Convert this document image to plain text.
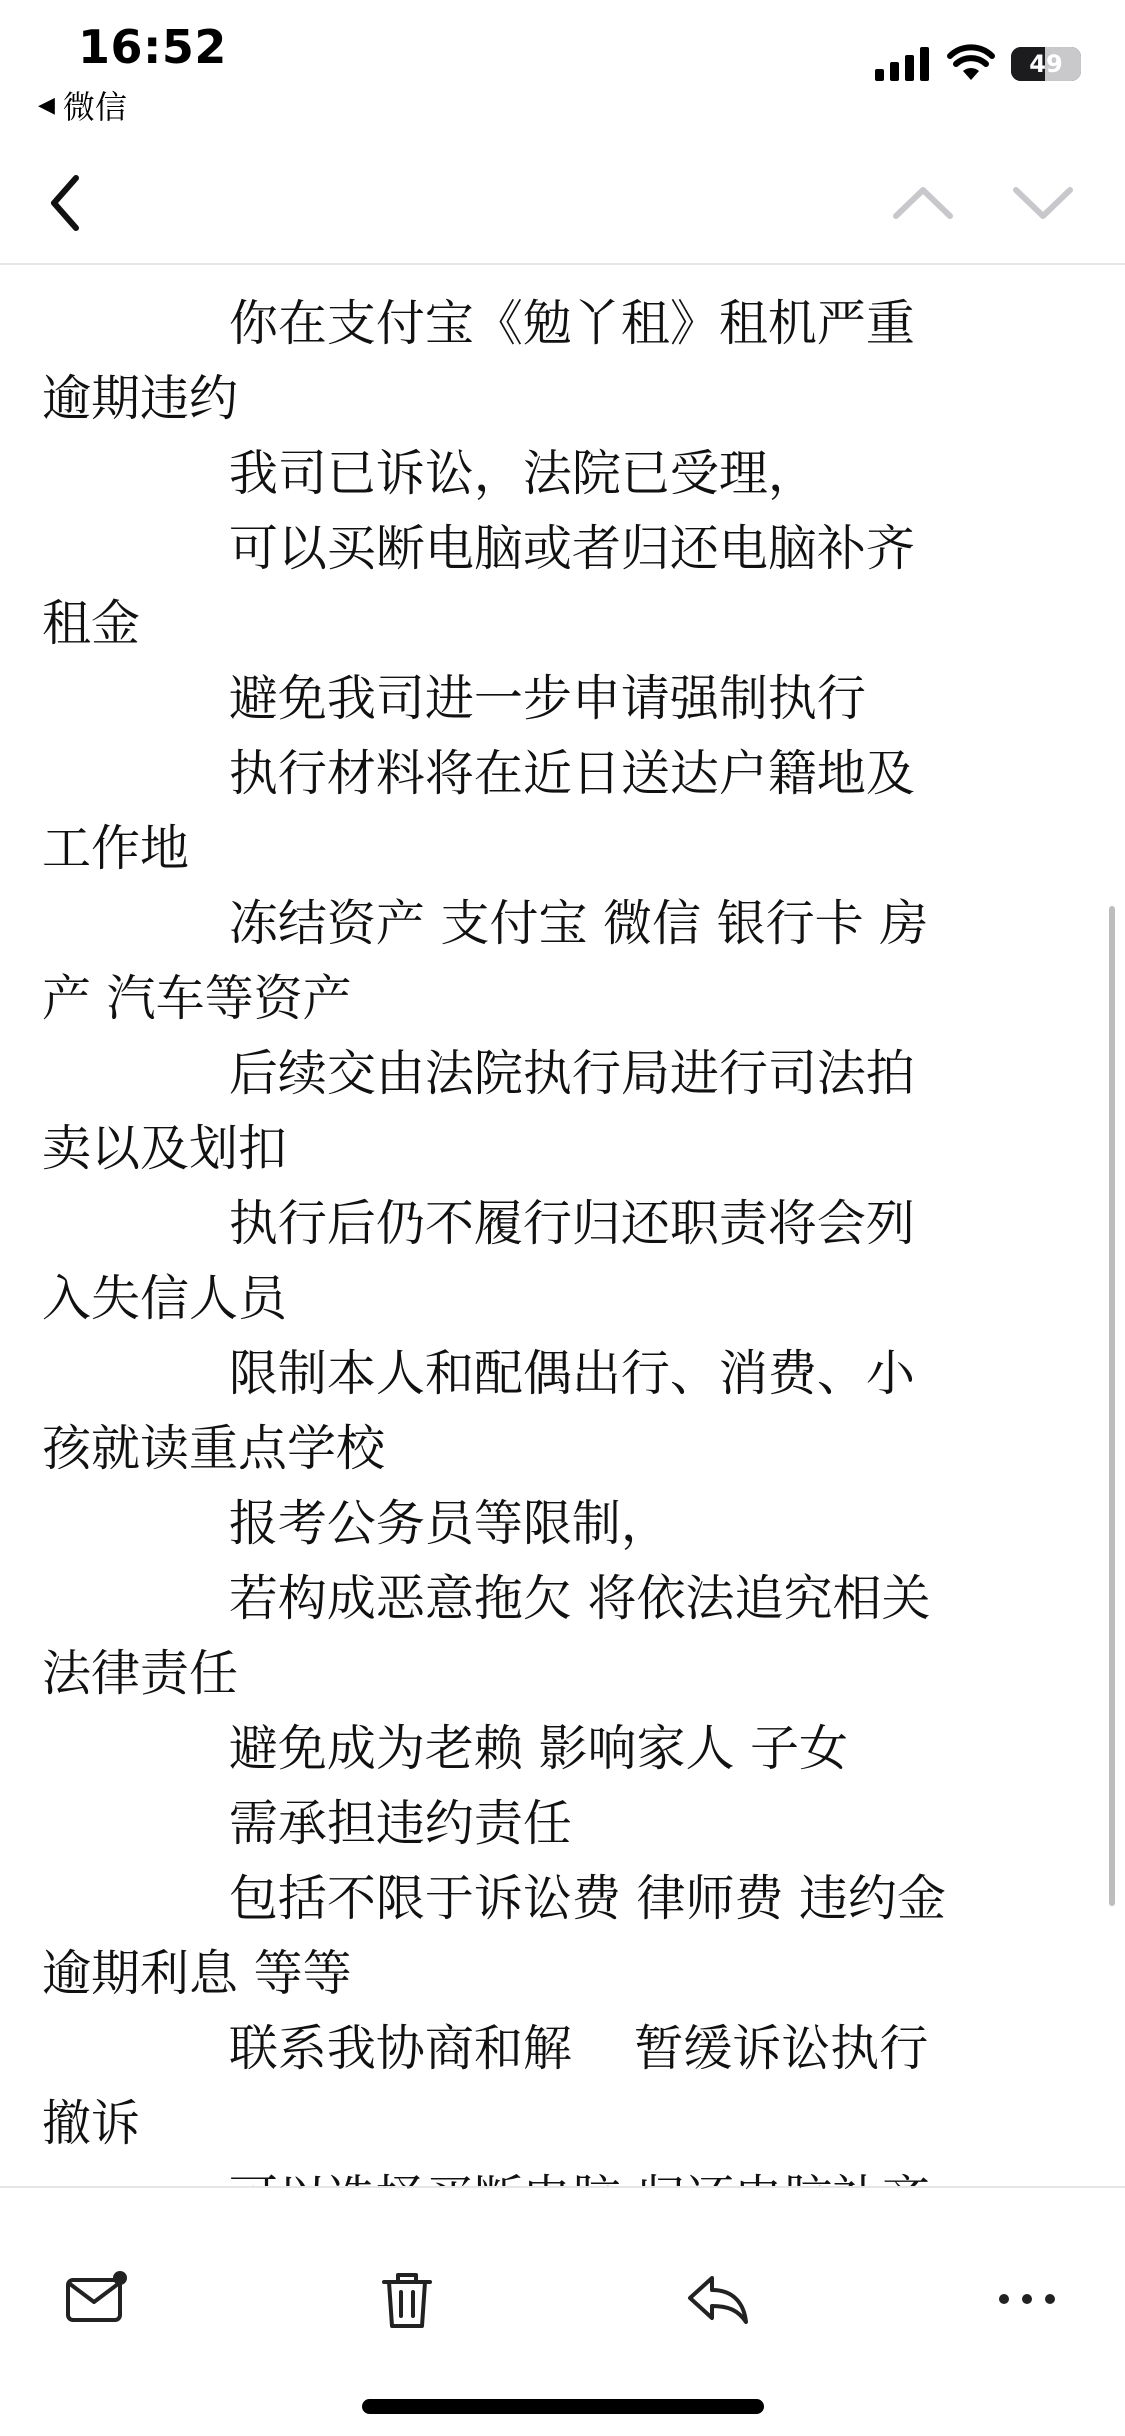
16:52
◀ 微信
49
你在支付宝《勉丫租》租机严重
逾期违约
我司已诉讼，法院已受理，
可以买断电脑或者归还电脑补齐
租金
避免我司进一步申请强制执行
执行材料将在近日送达户籍地及
工作地
冻结资产 支付宝 微信 银行卡 房
产 汽车等资产
后续交由法院执行局进行司法拍
卖以及划扣
执行后仍不履行归还职责将会列
入失信人员
限制本人和配偶出行、消费、小
孩就读重点学校
报考公务员等限制，
若构成恶意拖欠 将依法追究相关
法律责任
避免成为老赖 影响家人 子女
需承担违约责任
包括不限于诉讼费 律师费 违约金
逾期利息 等等
联系我协商和解    暂缓诉讼执行
撤诉
